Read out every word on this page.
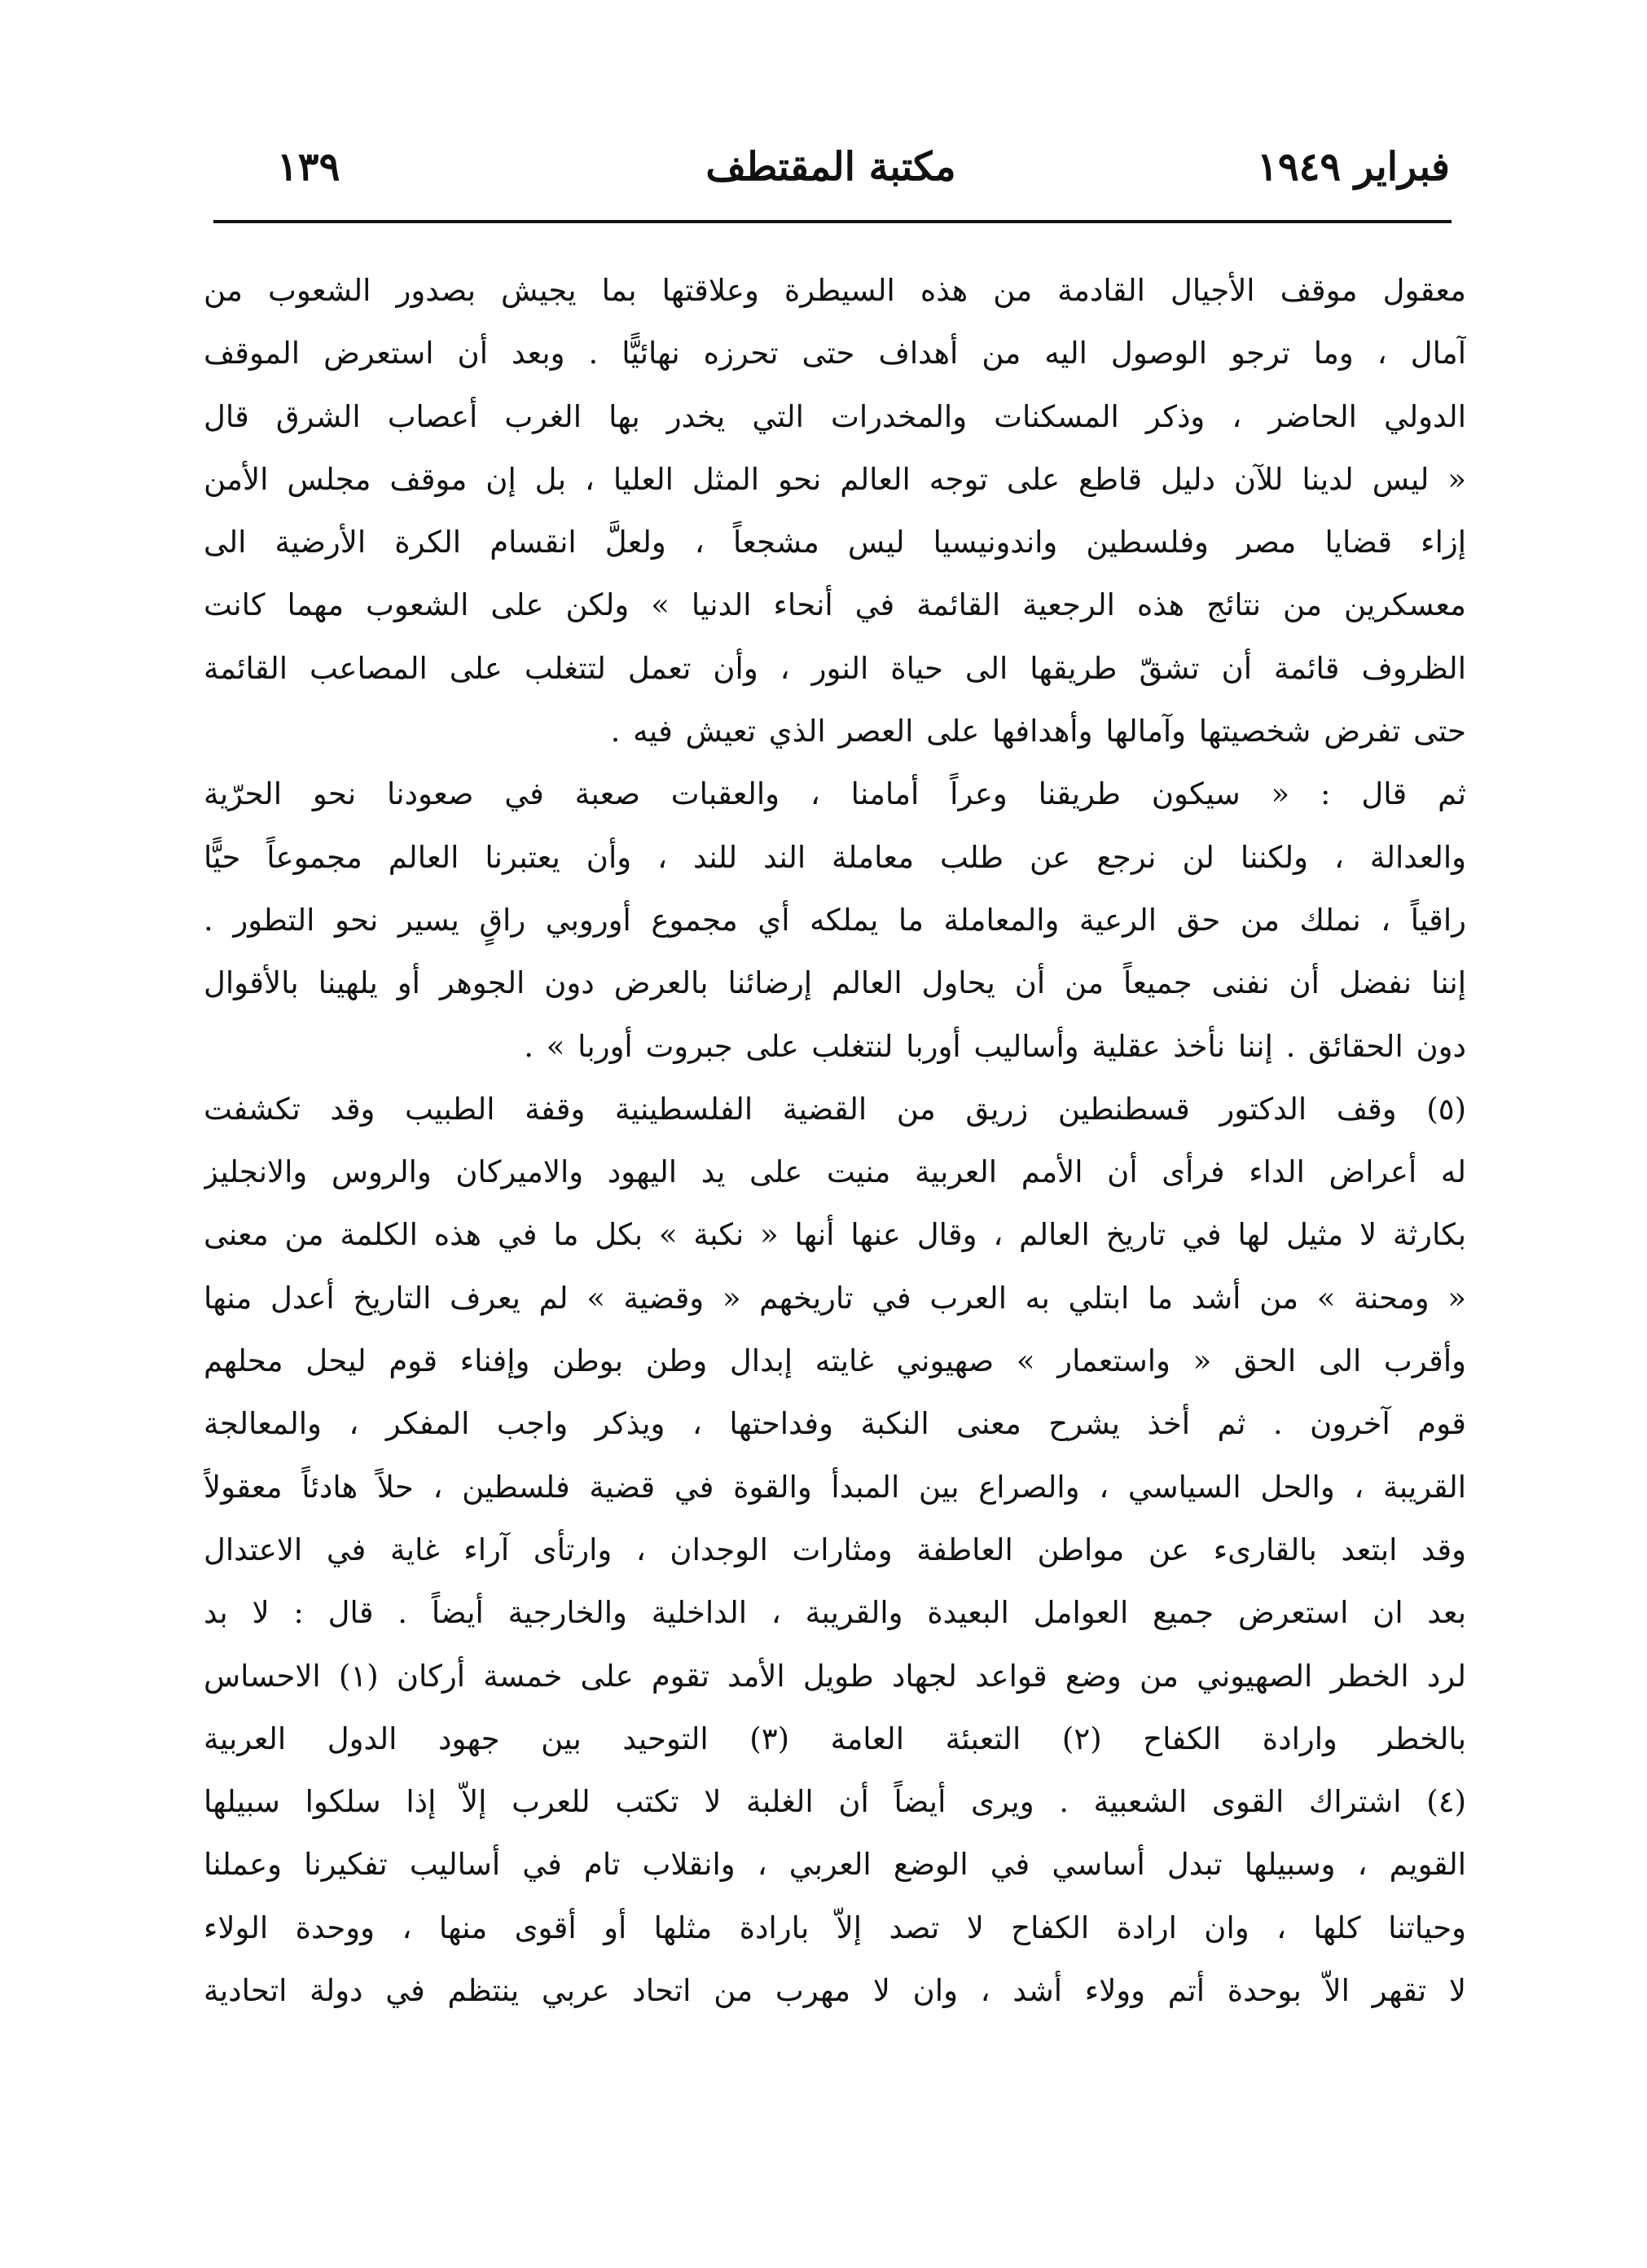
فبراير ١٩٤٩
مكتبة المقتطف
١٣٩
معقول موقف الأجيال القادمة من هذه السيطرة وعلاقتها بما يجيش بصدور الشعوب من
آمال ، وما ترجو الوصول اليه من أهداف حتى تحرزه نهائيًّا . وبعد أن استعرض الموقف
الدولي الحاضر ، وذكر المسكنات والمخدرات التي يخدر بها الغرب أعصاب الشرق قال
« ليس لدينا للآن دليل قاطع على توجه العالم نحو المثل العليا ، بل إن موقف مجلس الأمن
إزاء قضايا مصر وفلسطين واندونيسيا ليس مشجعاً ، ولعلَّ انقسام الكرة الأرضية الى
معسكرين من نتائج هذه الرجعية القائمة في أنحاء الدنيا » ولكن على الشعوب مهما كانت
الظروف قائمة أن تشقّ طريقها الى حياة النور ، وأن تعمل لتتغلب على المصاعب القائمة
حتى تفرض شخصيتها وآمالها وأهدافها على العصر الذي تعيش فيه .
ثم قال : « سيكون طريقنا وعراً أمامنا ، والعقبات صعبة في صعودنا نحو الحرّية
والعدالة ، ولكننا لن نرجع عن طلب معاملة الند للند ، وأن يعتبرنا العالم مجموعاً حيًّا
راقياً ، نملك من حق الرعية والمعاملة ما يملكه أي مجموع أوروبي راقٍ يسير نحو التطور .
إننا نفضل أن نفنى جميعاً من أن يحاول العالم إرضائنا بالعرض دون الجوهر أو يلهينا بالأقوال
دون الحقائق . إننا نأخذ عقلية وأساليب أوربا لنتغلب على جبروت أوربا » .
(٥) وقف الدكتور قسطنطين زريق من القضية الفلسطينية وقفة الطبيب وقد تكشفت
له أعراض الداء فرأى أن الأمم العربية منيت على يد اليهود والاميركان والروس والانجليز
بكارثة لا مثيل لها في تاريخ العالم ، وقال عنها أنها « نكبة » بكل ما في هذه الكلمة من معنى
« ومحنة » من أشد ما ابتلي به العرب في تاريخهم « وقضية » لم يعرف التاريخ أعدل منها
وأقرب الى الحق « واستعمار » صهيوني غايته إبدال وطن بوطن وإفناء قوم ليحل محلهم
قوم آخرون . ثم أخذ يشرح معنى النكبة وفداحتها ، ويذكر واجب المفكر ، والمعالجة
القريبة ، والحل السياسي ، والصراع بين المبدأ والقوة في قضية فلسطين ، حلاً هادئاً معقولاً
وقد ابتعد بالقارىء عن مواطن العاطفة ومثارات الوجدان ، وارتأى آراء غاية في الاعتدال
بعد ان استعرض جميع العوامل البعيدة والقريبة ، الداخلية والخارجية أيضاً . قال : لا بد
لرد الخطر الصهيوني من وضع قواعد لجهاد طويل الأمد تقوم على خمسة أركان (١) الاحساس
بالخطر وارادة الكفاح (٢) التعبئة العامة (٣) التوحيد بين جهود الدول العربية
(٤) اشتراك القوى الشعبية . ويرى أيضاً أن الغلبة لا تكتب للعرب إلاّ إذا سلكوا سبيلها
القويم ، وسبيلها تبدل أساسي في الوضع العربي ، وانقلاب تام في أساليب تفكيرنا وعملنا
وحياتنا كلها ، وان ارادة الكفاح لا تصد إلاّ بارادة مثلها أو أقوى منها ، ووحدة الولاء
لا تقهر الاّ بوحدة أتم وولاء أشد ، وان لا مهرب من اتحاد عربي ينتظم في دولة اتحادية
